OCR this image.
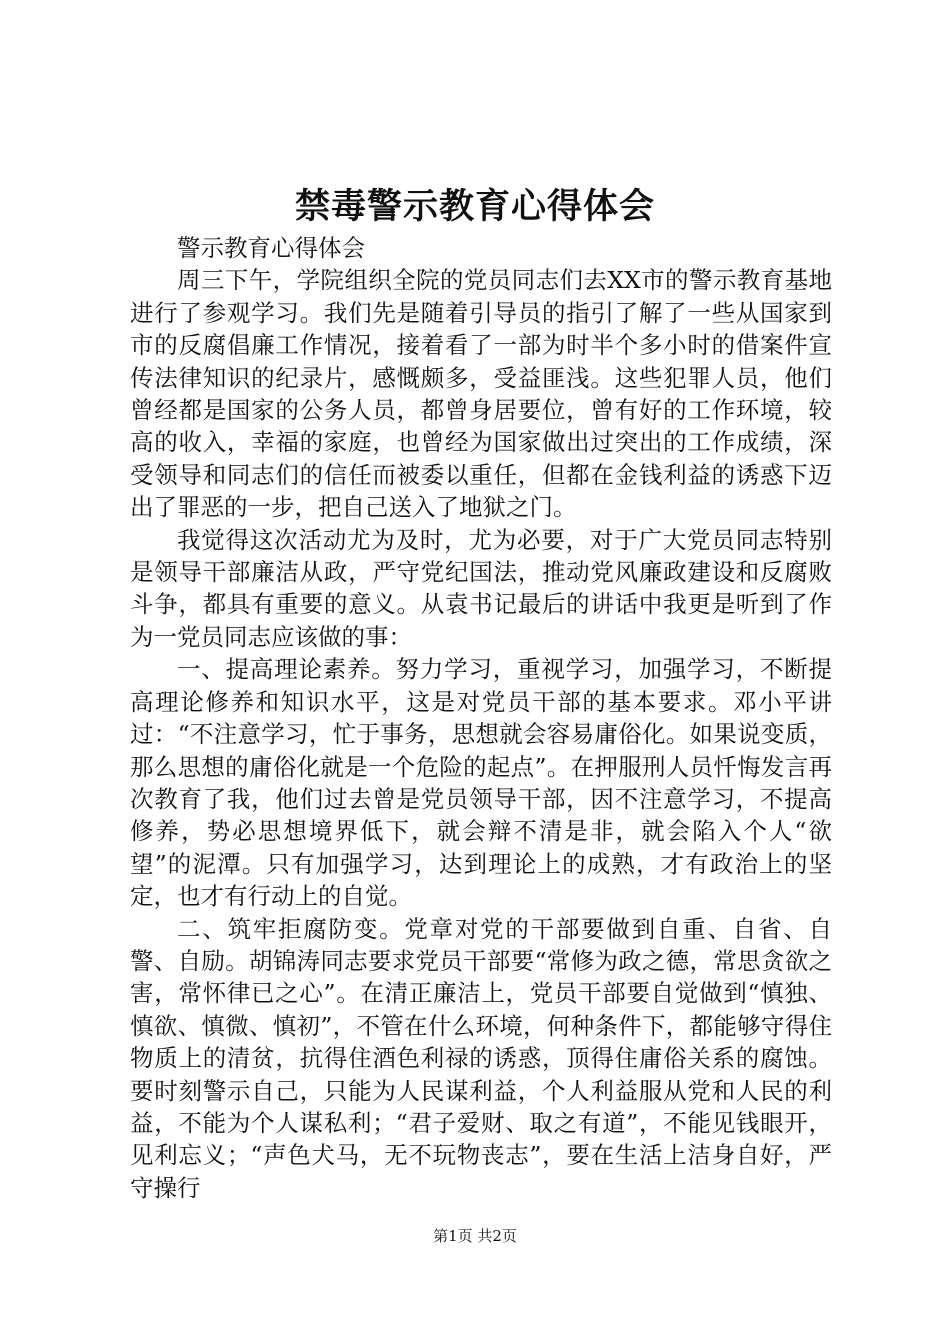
禁毒警示教育心得体会

警示教育心得体会

周三下午，学院组织全院的党员同志们去XX市的警示教育基地进行了参观学习。我们先是随着引导员的指引了解了一些从国家到市的反腐倡廉工作情况，接着看了一部为时半个多小时的借案件宣传法律知识的纪录片，感慨颇多，受益匪浅。这些犯罪人员，他们曾经都是国家的公务人员，都曾身居要位，曾有好的工作环境，较高的收入，幸福的家庭，也曾经为国家做出过突出的工作成绩，深受领导和同志们的信任而被委以重任，但都在金钱利益的诱惑下迈出了罪恶的一步，把自己送入了地狱之门。

我觉得这次活动尤为及时，尤为必要，对于广大党员同志特别是领导干部廉洁从政，严守党纪国法，推动党风廉政建设和反腐败斗争，都具有重要的意义。从袁书记最后的讲话中我更是听到了作为一党员同志应该做的事：

一、提高理论素养。努力学习，重视学习，加强学习，不断提高理论修养和知识水平，这是对党员干部的基本要求。邓小平讲过：“不注意学习，忙于事务，思想就会容易庸俗化。如果说变质，那么思想的庸俗化就是一个危险的起点”。在押服刑人员忏悔发言再次教育了我，他们过去曾是党员领导干部，因不注意学习，不提高修养，势必思想境界低下，就会辩不清是非，就会陷入个人“欲望”的泥潭。只有加强学习，达到理论上的成熟，才有政治上的坚定，也才有行动上的自觉。

二、筑牢拒腐防变。党章对党的干部要做到自重、自省、自警、自励。胡锦涛同志要求党员干部要“常修为政之德，常思贪欲之害，常怀律已之心”。在清正廉洁上，党员干部要自觉做到“慎独、慎欲、慎微、慎初”，不管在什么环境，何种条件下，都能够守得住物质上的清贫，抗得住酒色利禄的诱惑，顶得住庸俗关系的腐蚀。要时刻警示自己，只能为人民谋利益，个人利益服从党和人民的利益，不能为个人谋私利；“君子爱财、取之有道”，不能见钱眼开，见利忘义；“声色犬马，无不玩物丧志”，要在生活上洁身自好，严守操行

第1页 共2页
